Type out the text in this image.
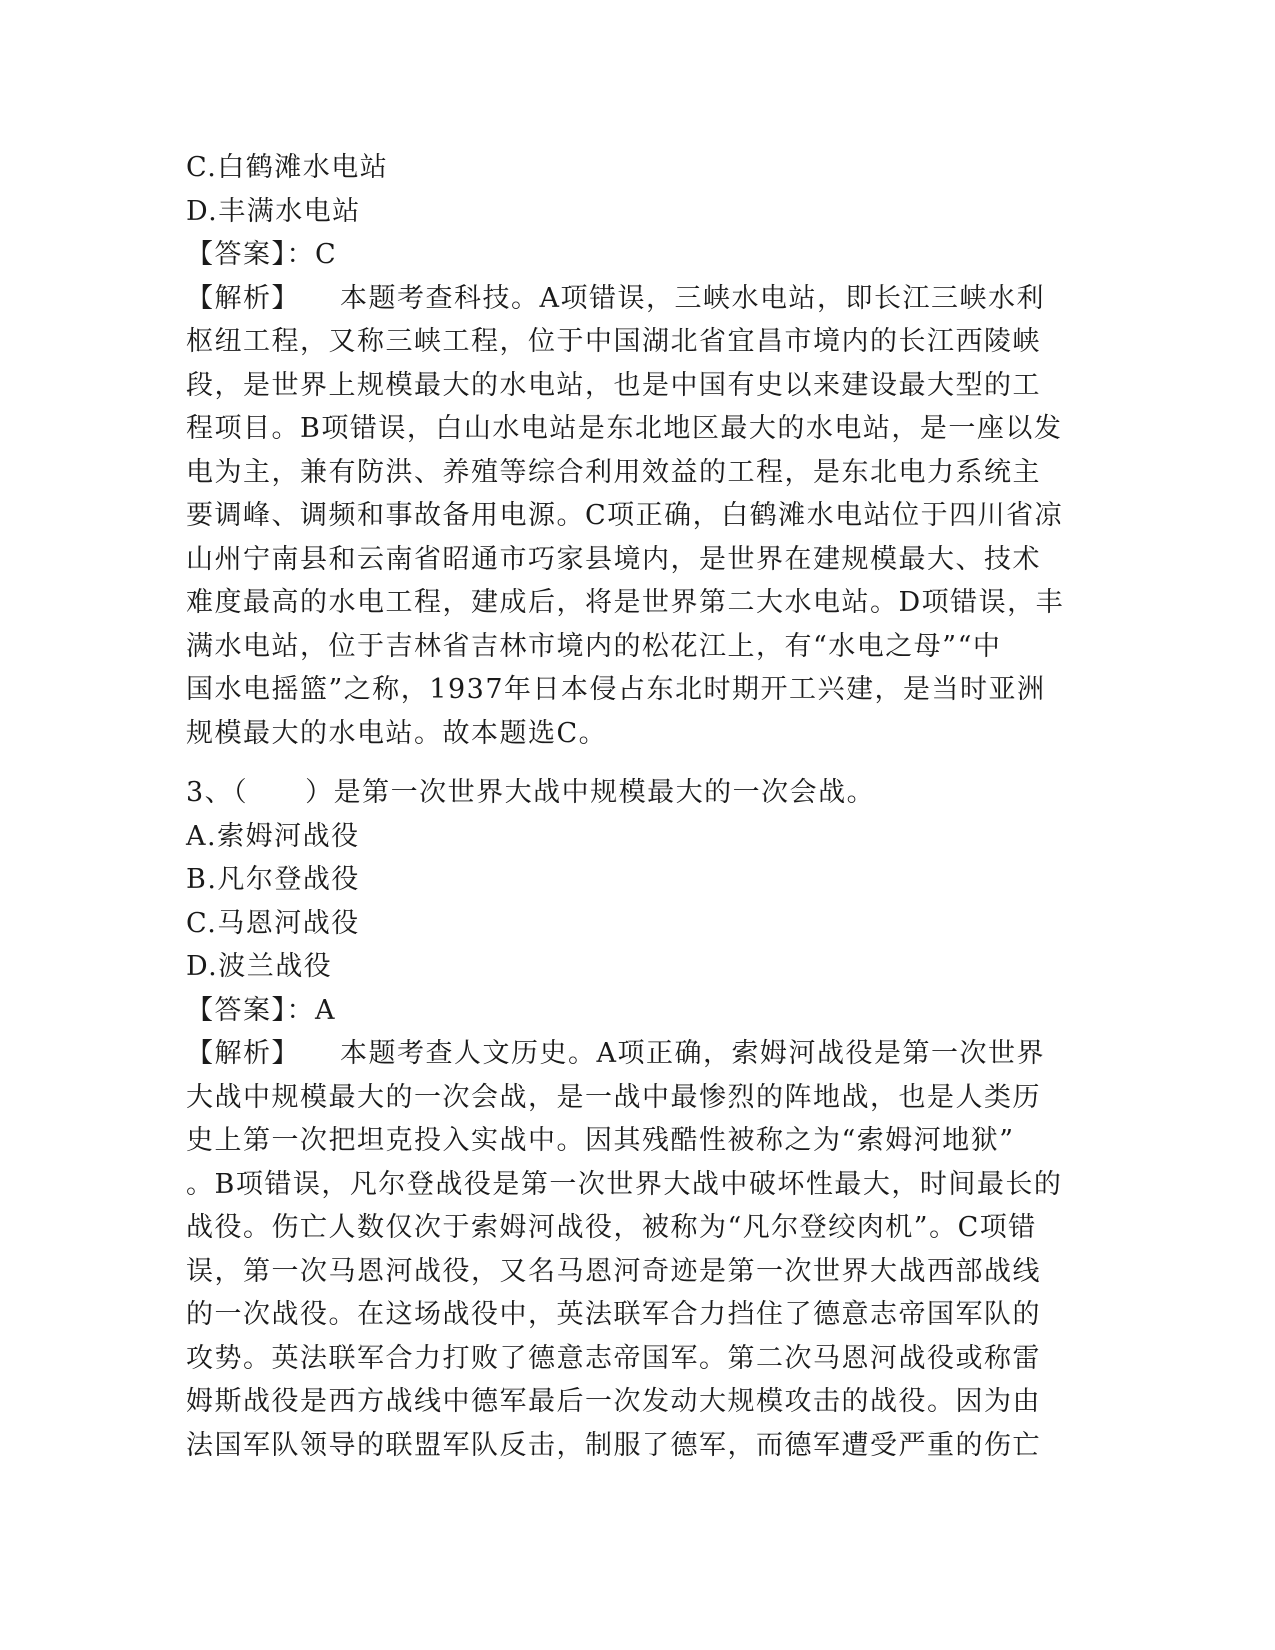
C.白鹤滩水电站

D.丰满水电站

【答案】：C

【解析】 本题考查科技。A项错误，三峡水电站，即长江三峡水利

枢纽工程，又称三峡工程，位于中国湖北省宜昌市境内的长江西陵峡

段，是世界上规模最大的水电站，也是中国有史以来建设最大型的工

程项目。B项错误，白山水电站是东北地区最大的水电站，是一座以发

电为主，兼有防洪、养殖等综合利用效益的工程，是东北电力系统主

要调峰、调频和事故备用电源。C项正确，白鹤滩水电站位于四川省凉

山州宁南县和云南省昭通市巧家县境内，是世界在建规模最大、技术

难度最高的水电工程，建成后，将是世界第二大水电站。D项错误，丰

满水电站，位于吉林省吉林市境内的松花江上，有“水电之母”“中

国水电摇篮”之称，1937年日本侵占东北时期开工兴建，是当时亚洲

规模最大的水电站。故本题选C。

3、（　　）是第一次世界大战中规模最大的一次会战。

A.索姆河战役

B.凡尔登战役

C.马恩河战役

D.波兰战役

【答案】：A

【解析】 本题考查人文历史。A项正确，索姆河战役是第一次世界

大战中规模最大的一次会战，是一战中最惨烈的阵地战，也是人类历

史上第一次把坦克投入实战中。因其残酷性被称之为“索姆河地狱”

。B项错误，凡尔登战役是第一次世界大战中破坏性最大，时间最长的

战役。伤亡人数仅次于索姆河战役，被称为“凡尔登绞肉机”。C项错

误，第一次马恩河战役，又名马恩河奇迹是第一次世界大战西部战线

的一次战役。在这场战役中，英法联军合力挡住了德意志帝国军队的

攻势。英法联军合力打败了德意志帝国军。第二次马恩河战役或称雷

姆斯战役是西方战线中德军最后一次发动大规模攻击的战役。因为由

法国军队领导的联盟军队反击，制服了德军，而德军遭受严重的伤亡
